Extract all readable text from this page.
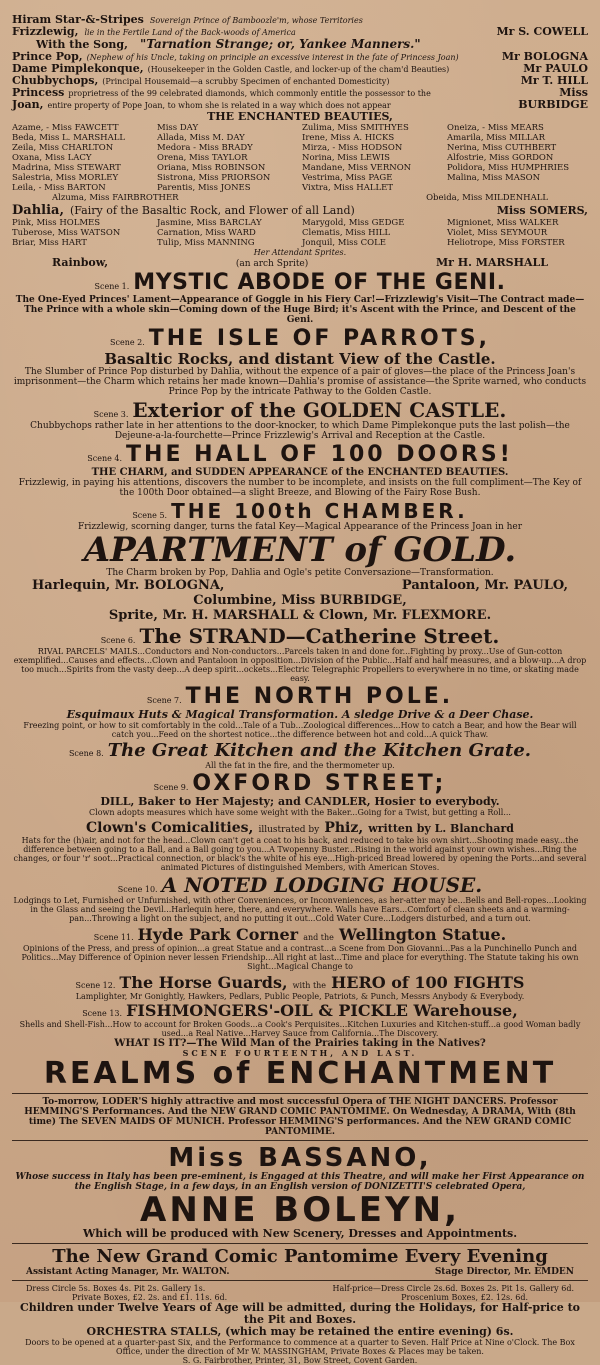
Hiram Star-&-Stripes Sovereign Prince of Bamboozle'm, whose Territories
Frizzlewig, lie in the Fertile Land of the Back-woods of America	Mr S. COWELL
With the Song, "Tarnation Strange; or, Yankee Manners."
Prince Pop, (Nephew of his Uncle, taking on principle an excessive interest in the fate of Princess Joan)	Mr BOLOGNA
Dame Pimplekonque, (Housekeeper in the Golden Castle, and locker-up of the cham'd Beauties)	Mr PAULO
Chubbychops, (Principal Housemaid—a scrubby Specimen of enchanted Domesticity)	Mr T. HILL
Princess proprietress of the 99 celebrated diamonds, which commonly entitle the possessor to the	Miss
Joan, entire property of Pope Joan, to whom she is related in a way which does not appear	BURBIDGE
THE ENCHANTED BEAUTIES,
Azame, - Miss FAWCETT	Miss DAY	Zulima, Miss SMITHYES	Oneiza, - Miss MEARS
Beda, Miss L. MARSHALL	Allada, Miss M. DAY	Irene, Miss A. HICKS	Amarila, Miss MILLAR
Zeila, Miss CHARLTON	Medora - Miss BRADY	Mirza, - Miss HODSON	Nerina, Miss CUTHBERT
Oxana, Miss LACY	Orena, Miss TAYLOR	Norina, Miss LEWIS	Alfostrie, Miss GORDON
Madrina, Miss STEWART	Oriana, Miss ROBINSON	Mandane, Miss VERNON	Polidora, Miss HUMPHRIES
Salestria, Miss MORLEY	Sistrona, Miss PRIORSON	Vestrima, Miss PAGE	Malina, Miss MASON
Leila, - Miss BARTON	Parentis, Miss JONES	Vixtra, Miss HALLET
Alzuma, Miss FAIRBROTHER	Obeida, Miss MILDENHALL
Dahlia, (Fairy of the Basaltic Rock, and Flower of all Land)	Miss SOMERS,
Pink, Miss HOLMES	Jasmine, Miss BARCLAY	Marygold, Miss GEDGE	Mignionet, Miss WALKER
Tuberose, Miss WATSON	Carnation, Miss WARD	Clematis, Miss HILL	Violet, Miss SEYMOUR
Briar, Miss HART	Tulip, Miss MANNING	Jonquil, Miss COLE	Heliotrope, Miss FORSTER
Her Attendant Sprites.
Rainbow,	(an arch Sprite)	Mr H. MARSHALL
Scene 1. MYSTIC ABODE OF THE GENI.
The One-Eyed Princes' Lament—Appearance of Goggle in his Fiery Car!—Frizzlewig's Visit—The Contract made—The Prince with a whole skin—Coming down of the Huge Bird; it's Ascent with the Prince, and Descent of the Geni.
Scene 2. THE ISLE OF PARROTS,
Basaltic Rocks, and distant View of the Castle.
The Slumber of Prince Pop disturbed by Dahlia, without the expence of a pair of gloves—the place of the Princess Joan's imprisonment—the Charm which retains her made known—Dahlia's promise of assistance—the Sprite warned, who conducts Prince Pop by the intricate Pathway to the Golden Castle.
Scene 3. Exterior of the GOLDEN CASTLE.
Chubbychops rather late in her attentions to the door-knocker, to which Dame Pimplekonque puts the last polish—the Dejeune-a-la-fourchette—Prince Frizzlewig's Arrival and Reception at the Castle.
Scene 4. THE HALL OF 100 DOORS!
THE CHARM, and SUDDEN APPEARANCE of the ENCHANTED BEAUTIES.
Frizzlewig, in paying his attentions, discovers the number to be incomplete, and insists on the full compliment—The Key of the 100th Door obtained—a slight Breeze, and Blowing of the Fairy Rose Bush.
Scene 5. THE 100th CHAMBER.
Frizzlewig, scorning danger, turns the fatal Key—Magical Appearance of the Princess Joan in her
APARTMENT of GOLD.
The Charm broken by Pop, Dahlia and Ogle's petite Conversazione—Transformation.
Harlequin, Mr. BOLOGNA,	Pantaloon, Mr. PAULO,
Columbine, Miss BURBIDGE,
Sprite, Mr. H. MARSHALL & Clown, Mr. FLEXMORE.
Scene 6. The STRAND—Catherine Street.
RIVAL PARCELS' MAILS...Conductors and Non-conductors...Parcels taken in and done for...Fighting by proxy...Use of Gun-cotton exemplified...Causes and effects...Clown and Pantaloon in opposition...Division of the Public...Half and half measures, and a blow-up...A drop too much...Spirits from the vasty deep...A deep spirit...ockets...Electric Telegraphic Propellers to everywhere in no time, or skating made easy.
Scene 7. THE NORTH POLE.
Esquimaux Huts & Magical Transformation. A sledge Drive & a Deer Chase.
Freezing point, or how to sit comfortably in the cold...Tale of a Tub...Zoological differences...How to catch a Bear, and how the Bear will catch you...Feed on the shortest notice...the difference between hot and cold...A quick Thaw.
Scene 8. The Great Kitchen and the Kitchen Grate.
All the fat in the fire, and the thermometer up.
Scene 9. OXFORD STREET;
DILL, Baker to Her Majesty; and CANDLER, Hosier to everybody.
Clown adopts measures which have some weight with the Baker...Going for a Twist, but getting a Roll...
Clown's Comicalities, illustrated by Phiz, written by L. Blanchard
Hats for the (h)air, and not for the head...Clown can't get a coat to his back, and reduced to take his own shirt...Shooting made easy...the difference between going to a Ball, and a Ball going to you...A Twopenny Buster...Rising in the world against your own wishes...Ring the changes, or four 'r' soot...Practical connection, or black's the white of his eye...High-priced Bread lowered by opening the Ports...and several animated Pictures of distinguished Members, with American Stoves.
Scene 10. A NOTED LODGING HOUSE.
Lodgings to Let, Furnished or Unfurnished, with other Conveniences, or Inconveniences, as her-atter may be...Bells and Bell-ropes...Looking in the Glass and seeing the Devil...Harlequin here, there, and everywhere. Walls have Ears...Comfort of clean sheets and a warming-pan...Throwing a light on the subject, and no putting it out...Cold Water Cure...Lodgers disturbed, and a turn out.
Scene 11. Hyde Park Corner and the Wellington Statue.
Opinions of the Press, and press of opinion...a great Statue and a contrast...a Scene from Don Giovanni...Pas a la Punchinello Punch and Politics...May Difference of Opinion never lessen Friendship...All right at last...Time and place for everything. The Statute taking his own Sight...Magical Change to
Scene 12. The Horse Guards, with the HERO of 100 FIGHTS
Lamplighter, Mr Gonightly, Hawkers, Pedlars, Public People, Patriots, & Punch, Messrs Anybody & Everybody.
Scene 13. FISHMONGERS'-OIL & PICKLE Warehouse,
Shells and Shell-Fish...How to account for Broken Goods...a Cook's Perquisites...Kitchen Luxuries and Kitchen-stuff...a good Woman badly used...a Real Native...Harvey Sauce from California...The Discovery.
WHAT IS IT?—The Wild Man of the Prairies taking in the Natives?
SCENE FOURTEENTH, AND LAST.
REALMS of ENCHANTMENT
To-morrow, LODER'S highly attractive and most successful Opera of THE NIGHT DANCERS. Professor HEMMING'S Performances. And the NEW GRAND COMIC PANTOMIME. On Wednesday, A DRAMA, With (8th time) The SEVEN MAIDS OF MUNICH. Professor HEMMING'S performances. And the NEW GRAND COMIC PANTOMIME.
Miss BASSANO,
Whose success in Italy has been pre-eminent, is Engaged at this Theatre, and will make her First Appearance on the English Stage, in a few days, in an English version of DONIZETTI'S celebrated Opera,
ANNE BOLEYN,
Which will be produced with New Scenery, Dresses and Appointments.
The New Grand Comic Pantomime Every Evening
Assistant Acting Manager, Mr. WALTON.	Stage Director, Mr. EMDEN
Dress Circle 5s. Boxes 4s. Pit 2s. Gallery 1s.	Half-price—Dress Circle 2s.6d. Boxes 2s. Pit 1s. Gallery 6d.
Private Boxes, £2. 2s. and £1. 11s. 6d.	Proscenium Boxes, £2. 12s. 6d.
Children under Twelve Years of Age will be admitted, during the Holidays, for Half-price to the Pit and Boxes.
ORCHESTRA STALLS, (which may be retained the entire evening) 6s.
Doors to be opened at a quarter-past Six, and the Performance to commence at a quarter to Seven. Half Price at Nine o'Clock. The Box Office, under the direction of Mr W. MASSINGHAM, Private Boxes & Places may be taken.
S. G. Fairbrother, Printer, 31, Bow Street, Covent Garden.
